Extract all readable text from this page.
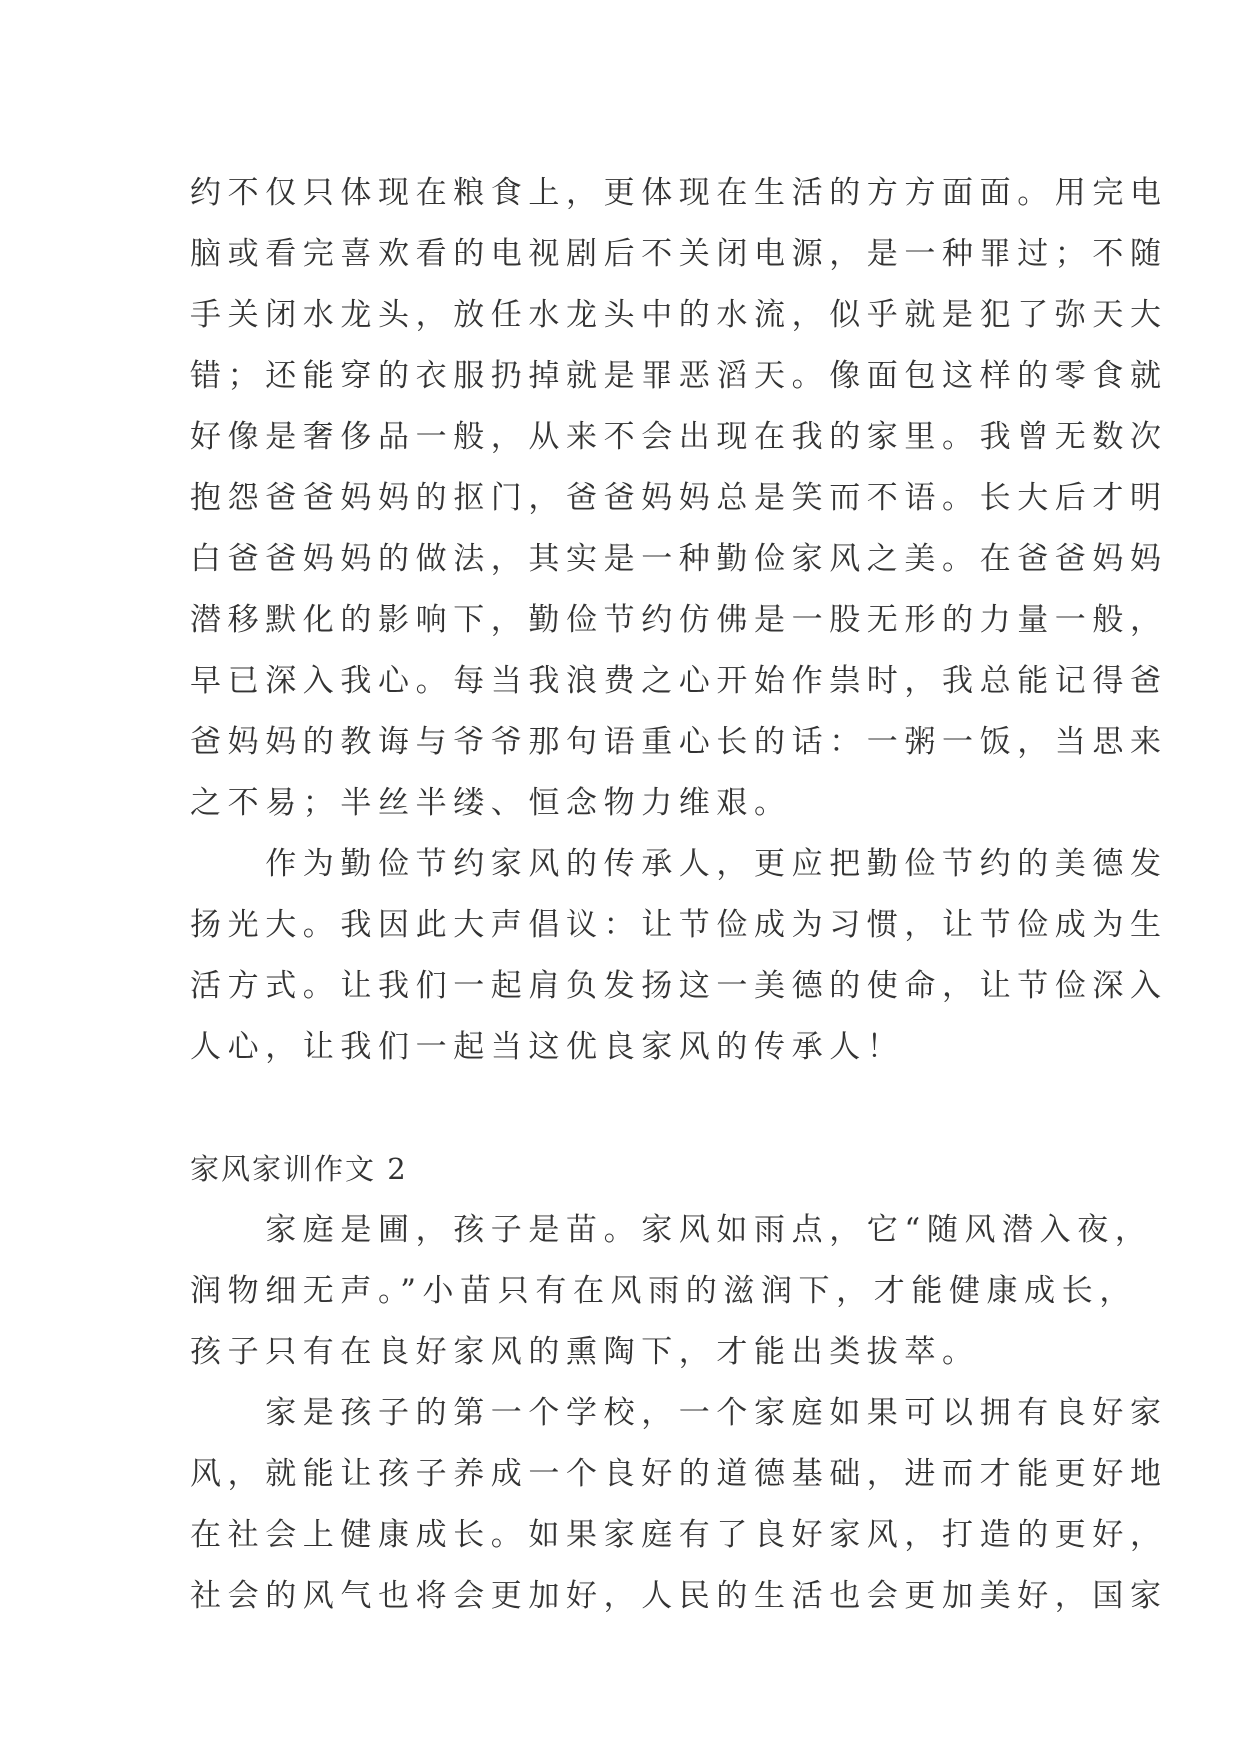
约不仅只体现在粮食上，更体现在生活的方方面面。用完电
脑或看完喜欢看的电视剧后不关闭电源，是一种罪过；不随
手关闭水龙头，放任水龙头中的水流，似乎就是犯了弥天大
错；还能穿的衣服扔掉就是罪恶滔天。像面包这样的零食就
好像是奢侈品一般，从来不会出现在我的家里。我曾无数次
抱怨爸爸妈妈的抠门，爸爸妈妈总是笑而不语。长大后才明
白爸爸妈妈的做法，其实是一种勤俭家风之美。在爸爸妈妈
潜移默化的影响下，勤俭节约仿佛是一股无形的力量一般，
早已深入我心。每当我浪费之心开始作祟时，我总能记得爸
爸妈妈的教诲与爷爷那句语重心长的话：一粥一饭，当思来
之不易；半丝半缕、恒念物力维艰。
　　作为勤俭节约家风的传承人，更应把勤俭节约的美德发
扬光大。我因此大声倡议：让节俭成为习惯，让节俭成为生
活方式。让我们一起肩负发扬这一美德的使命，让节俭深入
人心，让我们一起当这优良家风的传承人！
家风家训作文 2
　　家庭是圃，孩子是苗。家风如雨点，它“随风潜入夜，
润物细无声。”小苗只有在风雨的滋润下，才能健康成长，
孩子只有在良好家风的熏陶下，才能出类拔萃。
　　家是孩子的第一个学校，一个家庭如果可以拥有良好家
风，就能让孩子养成一个良好的道德基础，进而才能更好地
在社会上健康成长。如果家庭有了良好家风，打造的更好，
社会的风气也将会更加好，人民的生活也会更加美好，国家
